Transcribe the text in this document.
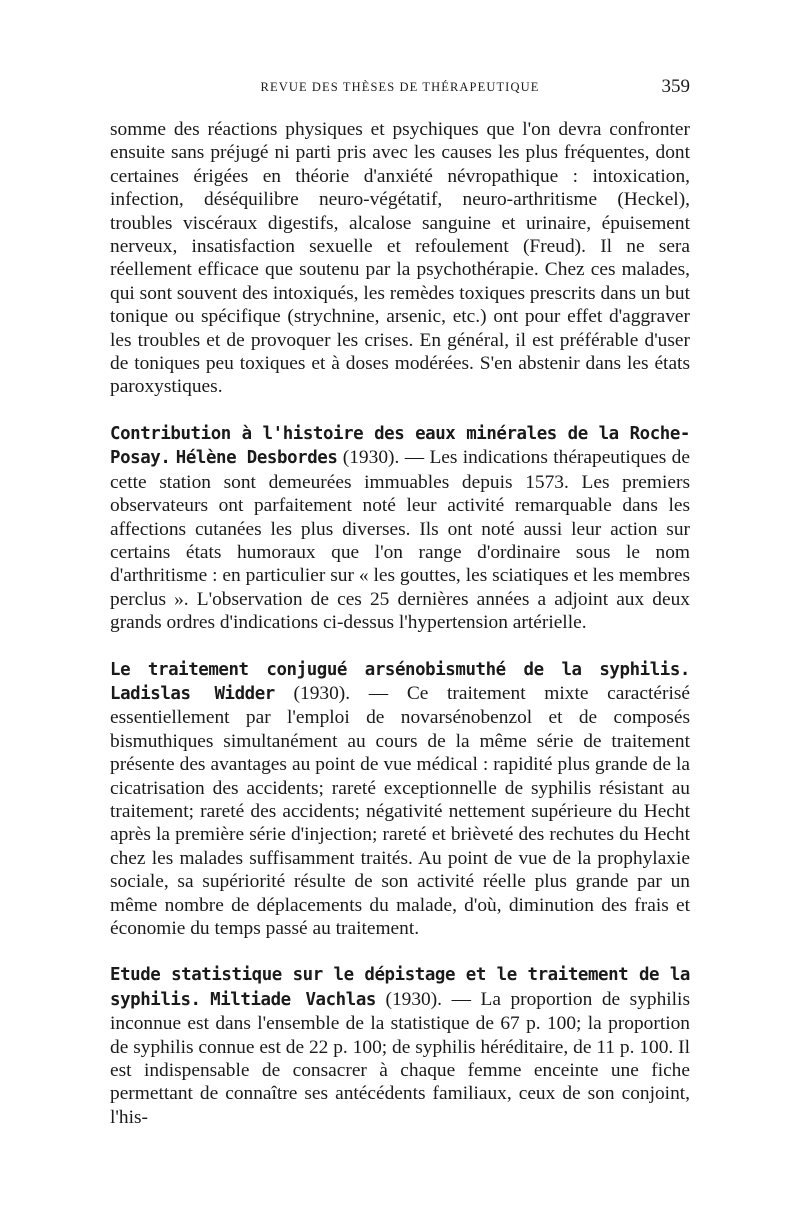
REVUE DES THÈSES DE THÉRAPEUTIQUE	359

somme des réactions physiques et psychiques que l'on devra confronter ensuite sans préjugé ni parti pris avec les causes les plus fréquentes, dont certaines érigées en théorie d'anxiété névropathique : intoxication, infection, déséquilibre neuro-végétatif, neuro-arthritisme (Heckel), troubles viscéraux digestifs, alcalose sanguine et urinaire, épuisement nerveux, insatisfaction sexuelle et refoulement (Freud). Il ne sera réellement efficace que soutenu par la psychothérapie. Chez ces malades, qui sont souvent des intoxiqués, les remèdes toxiques prescrits dans un but tonique ou spécifique (strychnine, arsenic, etc.) ont pour effet d'aggraver les troubles et de provoquer les crises. En général, il est préférable d'user de toniques peu toxiques et à doses modérées. S'en abstenir dans les états paroxystiques.

Contribution à l'histoire des eaux minérales de la Roche-Posay. Hélène Desbordes (1930). — Les indications thérapeutiques de cette station sont demeurées immuables depuis 1573. Les premiers observateurs ont parfaitement noté leur activité remarquable dans les affections cutanées les plus diverses. Ils ont noté aussi leur action sur certains états humoraux que l'on range d'ordinaire sous le nom d'arthritisme : en particulier sur « les gouttes, les sciatiques et les membres perclus ». L'observation de ces 25 dernières années a adjoint aux deux grands ordres d'indications ci-dessus l'hypertension artérielle.

Le traitement conjugué arsénobismuthé de la syphilis. Ladislas Widder (1930). — Ce traitement mixte caractérisé essentiellement par l'emploi de novarsénobenzol et de composés bismuthiques simultanément au cours de la même série de traitement présente des avantages au point de vue médical : rapidité plus grande de la cicatrisation des accidents; rareté exceptionnelle de syphilis résistant au traitement; rareté des accidents; négativité nettement supérieure du Hecht après la première série d'injection; rareté et brièveté des rechutes du Hecht chez les malades suffisamment traités. Au point de vue de la prophylaxie sociale, sa supériorité résulte de son activité réelle plus grande par un même nombre de déplacements du malade, d'où, diminution des frais et économie du temps passé au traitement.

Etude statistique sur le dépistage et le traitement de la syphilis. Miltiade Vachlas (1930). — La proportion de syphilis inconnue est dans l'ensemble de la statistique de 67 p. 100; la proportion de syphilis connue est de 22 p. 100; de syphilis héréditaire, de 11 p. 100. Il est indispensable de consacrer à chaque femme enceinte une fiche permettant de connaître ses antécédents familiaux, ceux de son conjoint, l'his-
